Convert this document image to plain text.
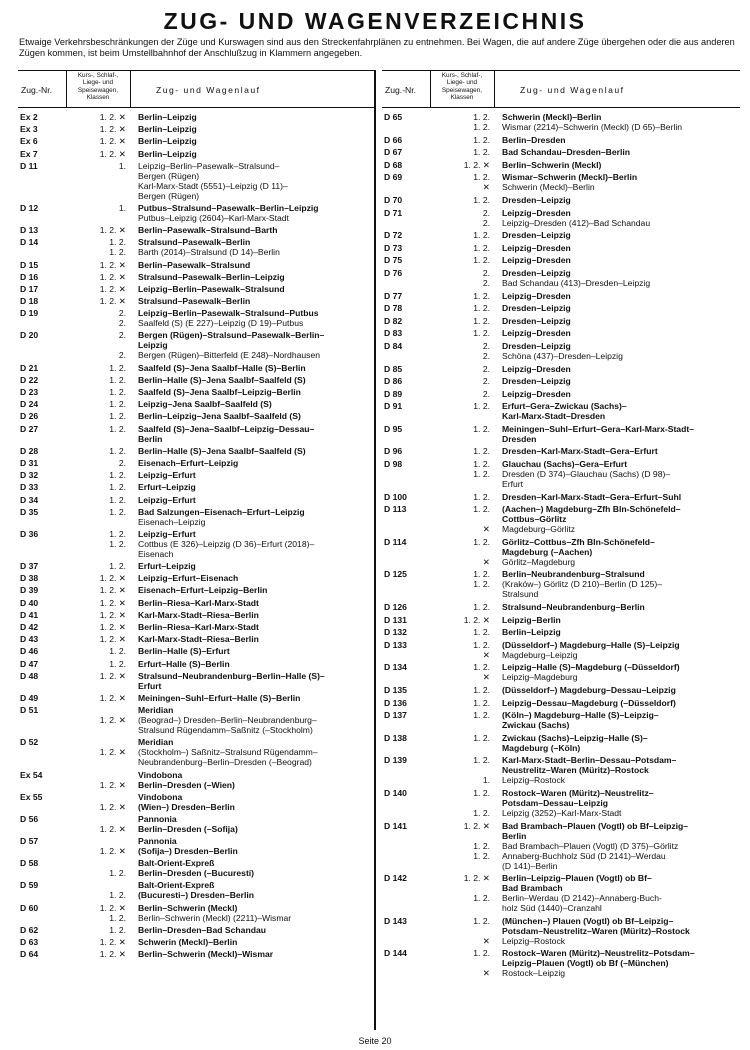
ZUG- UND WAGENVERZEICHNIS
Etwaige Verkehrsbeschränkungen der Züge und Kurswagen sind aus den Streckenfahrplänen zu entnehmen. Bei Wagen, die auf andere Züge übergehen oder die aus anderen Zügen kommen, ist beim Umstellbahnhof der Anschlußzug in Klammern angegeben.
Zug.-Nr.
Kurs-, Schlaf-, Liege- und Speisewagen, Klassen
Zug- und Wagenlauf
Ex 2	1. 2. ✕ Berlin–Leipzig
Ex 3	1. 2. ✕ Berlin–Leipzig
Ex 6	1. 2. ✕ Berlin–Leipzig
Ex 7	1. 2. ✕ Berlin–Leipzig
D 11	1. Leipzig–Berlin–Pasewalk–Stralsund–
Bergen (Rügen)
Karl-Marx-Stadt (5551)–Leipzig (D 11)–
Bergen (Rügen)
D 12	1. Putbus–Stralsund–Pasewalk–Berlin–Leipzig
Putbus–Leipzig (2604)–Karl-Marx-Stadt
D 13	1. 2. ✕ Berlin–Pasewalk–Stralsund–Barth
D 14	1. 2. Stralsund–Pasewalk–Berlin
1. 2. Barth (2014)–Stralsund (D 14)–Berlin
D 15	1. 2. ✕ Berlin–Pasewalk–Stralsund
D 16	1. 2. ✕ Stralsund–Pasewalk–Berlin–Leipzig
D 17	1. 2. ✕ Leipzig–Berlin–Pasewalk–Stralsund
D 18	1. 2. ✕ Stralsund–Pasewalk–Berlin
D 19	2. Leipzig–Berlin–Pasewalk–Stralsund–Putbus
2. Saalfeld (S) (E 227)–Leipzig (D 19)–Putbus
D 20	2. Bergen (Rügen)–Stralsund–Pasewalk–Berlin–
Leipzig
2. Bergen (Rügen)–Bitterfeld (E 248)–Nordhausen
D 21	1. 2. Saalfeld (S)–Jena Saalbf–Halle (S)–Berlin
D 22	1. 2. Berlin–Halle (S)–Jena Saalbf–Saalfeld (S)
D 23	1. 2. Saalfeld (S)–Jena Saalbf–Leipzig–Berlin
D 24	1. 2. Leipzig–Jena Saalbf–Saalfeld (S)
D 26	1. 2. Berlin–Leipzig–Jena Saalbf–Saalfeld (S)
D 27	1. 2. Saalfeld (S)–Jena–Saalbf–Leipzig–Dessau–
Berlin
D 28	1. 2. Berlin–Halle (S)–Jena Saalbf–Saalfeld (S)
D 31	2. Eisenach–Erfurt–Leipzig
D 32	1. 2. Leipzig–Erfurt
D 33	1. 2. Erfurt–Leipzig
D 34	1. 2. Leipzig–Erfurt
D 35	1. 2. Bad Salzungen–Eisenach–Erfurt–Leipzig
Eisenach–Leipzig
D 36	1. 2. Leipzig–Erfurt
1. 2. Cottbus (E 326)–Leipzig (D 36)–Erfurt (2018)–
Eisenach
D 37	1. 2. Erfurt–Leipzig
D 38	1. 2. ✕ Leipzig–Erfurt–Eisenach
D 39	1. 2. ✕ Eisenach–Erfurt–Leipzig–Berlin
D 40	1. 2. ✕ Berlin–Riesa–Karl-Marx-Stadt
D 41	1. 2. ✕ Karl-Marx-Stadt–Riesa–Berlin
D 42	1. 2. ✕ Berlin–Riesa–Karl-Marx-Stadt
D 43	1. 2. ✕ Karl-Marx-Stadt–Riesa–Berlin
D 46	1. 2. Berlin–Halle (S)–Erfurt
D 47	1. 2. Erfurt–Halle (S)–Berlin
D 48	1. 2. ✕ Stralsund–Neubrandenburg–Berlin–Halle (S)–
Erfurt
D 49	1. 2. ✕ Meiningen–Suhl–Erfurt–Halle (S)–Berlin
D 51	Meridian
1. 2. ✕ (Beograd–) Dresden–Berlin–Neubrandenburg–
Stralsund Rügendamm–Saßnitz (–Stockholm)
D 52	Meridian
1. 2. ✕ (Stockholm–) Saßnitz–Stralsund Rügendamm–
Neubrandenburg–Berlin–Dresden (–Beograd)
Ex 54	Vindobona
1. 2. ✕ Berlin–Dresden (–Wien)
Ex 55	Vindobona
1. 2. ✕ (Wien–) Dresden–Berlin
D 56	Pannonia
1. 2. ✕ Berlin–Dresden (–Sofija)
D 57	Pannonia
1. 2. ✕ (Sofija–) Dresden–Berlin
D 58	Balt-Orient-Expreß
1. 2. Berlin–Dresden (–Bucuresti)
D 59	Balt-Orient-Expreß
1. 2. (Bucuresti–) Dresden–Berlin
D 60	1. 2. ✕ Berlin–Schwerin (Meckl)
1. 2. Berlin–Schwerin (Meckl) (2211)–Wismar
D 62	1. 2. Berlin–Dresden–Bad Schandau
D 63	1. 2. ✕ Schwerin (Meckl)–Berlin
D 64	1. 2. ✕ Berlin–Schwerin (Meckl)–Wismar
Zug.-Nr.
Kurs-, Schlaf-, Liege- und Speisewagen, Klassen
Zug- und Wagenlauf
D 65	1. 2. Schwerin (Meckl)–Berlin
1. 2. Wismar (2214)–Schwerin (Meckl) (D 65)–Berlin
D 66	1. 2. Berlin–Dresden
D 67	1. 2. Bad Schandau–Dresden–Berlin
D 68	1. 2. ✕ Berlin–Schwerin (Meckl)
D 69	1. 2. Wismar–Schwerin (Meckl)–Berlin
✕ Schwerin (Meckl)–Berlin
D 70	1. 2. Dresden–Leipzig
D 71	2. Leipzig–Dresden
2. Leipzig–Dresden (412)–Bad Schandau
D 72	1. 2. Dresden–Leipzig
D 73	1. 2. Leipzig–Dresden
D 75	1. 2. Leipzig–Dresden
D 76	2. Dresden–Leipzig
2. Bad Schandau (413)–Dresden–Leipzig
D 77	1. 2. Leipzig–Dresden
D 78	1. 2. Dresden–Leipzig
D 82	1. 2. Dresden–Leipzig
D 83	1. 2. Leipzig–Dresden
D 84	2. Dresden–Leipzig
2. Schöna (437)–Dresden–Leipzig
D 85	2. Leipzig–Dresden
D 86	2. Dresden–Leipzig
D 89	2. Leipzig–Dresden
D 91	1. 2. Erfurt–Gera–Zwickau (Sachs)–
Karl-Marx-Stadt–Dresden
D 95	1. 2. Meiningen–Suhl–Erfurt–Gera–Karl-Marx-Stadt–
Dresden
D 96	1. 2. Dresden–Karl-Marx-Stadt–Gera–Erfurt
D 98	1. 2. Glauchau (Sachs)–Gera–Erfurt
1. 2. Dresden (D 374)–Glauchau (Sachs) (D 98)–
Erfurt
D 100	1. 2. Dresden–Karl-Marx-Stadt–Gera–Erfurt–Suhl
D 113	1. 2. (Aachen–) Magdeburg–Zfh Bln-Schönefeld–
Cottbus–Görlitz
✕ Magdeburg–Görlitz
D 114	1. 2. Görlitz–Cottbus–Zfh Bln-Schönefeld–
Magdeburg (–Aachen)
✕ Görlitz–Magdeburg
D 125	1. 2. Berlin–Neubrandenburg–Stralsund
1. 2. (Kraków–) Görlitz (D 210)–Berlin (D 125)–
Stralsund
D 126	1. 2. Stralsund–Neubrandenburg–Berlin
D 131	1. 2. ✕ Leipzig–Berlin
D 132	1. 2. Berlin–Leipzig
D 133	1. 2. (Düsseldorf–) Magdeburg–Halle (S)–Leipzig
✕ Magdeburg–Leipzig
D 134	1. 2. Leipzig–Halle (S)–Magdeburg (–Düsseldorf)
✕ Leipzig–Magdeburg
D 135	1. 2. (Düsseldorf–) Magdeburg–Dessau–Leipzig
D 136	1. 2. Leipzig–Dessau–Magdeburg (–Düsseldorf)
D 137	1. 2. (Köln–) Magdeburg–Halle (S)–Leipzig–
Zwickau (Sachs)
D 138	1. 2. Zwickau (Sachs)–Leipzig–Halle (S)–
Magdeburg (–Köln)
D 139	1. 2. Karl-Marx-Stadt–Berlin–Dessau–Potsdam–
Neustrelitz–Waren (Müritz)–Rostock
1. Leipzig–Rostock
D 140	1. 2. Rostock–Waren (Müritz)–Neustrelitz–
Potsdam–Dessau–Leipzig
1. 2. Leipzig (3252)–Karl-Marx-Stadt
D 141	1. 2. ✕ Bad Brambach–Plauen (Vogtl) ob Bf–Leipzig–
Berlin
1. 2. Bad Brambach–Plauen (Vogtl) (D 375)–Görlitz
1. 2. Annaberg-Buchholz Süd (D 2141)–Werdau
(D 141)–Berlin
D 142	1. 2. ✕ Berlin–Leipzig–Plauen (Vogtl) ob Bf–
Bad Brambach
1. 2. Berlin–Werdau (D 2142)–Annaberg-Buch-
holz Süd (1440)–Cranzahl
D 143	1. 2. (München–) Plauen (Vogtl) ob Bf–Leipzig–
Potsdam–Neustrelitz–Waren (Müritz)–Rostock
✕ Leipzig–Rostock
D 144	1. 2. Rostock–Waren (Müritz)–Neustrelitz–Potsdam–
Leipzig–Plauen (Vogtl) ob Bf (–München)
✕ Rostock–Leipzig
Seite 20
